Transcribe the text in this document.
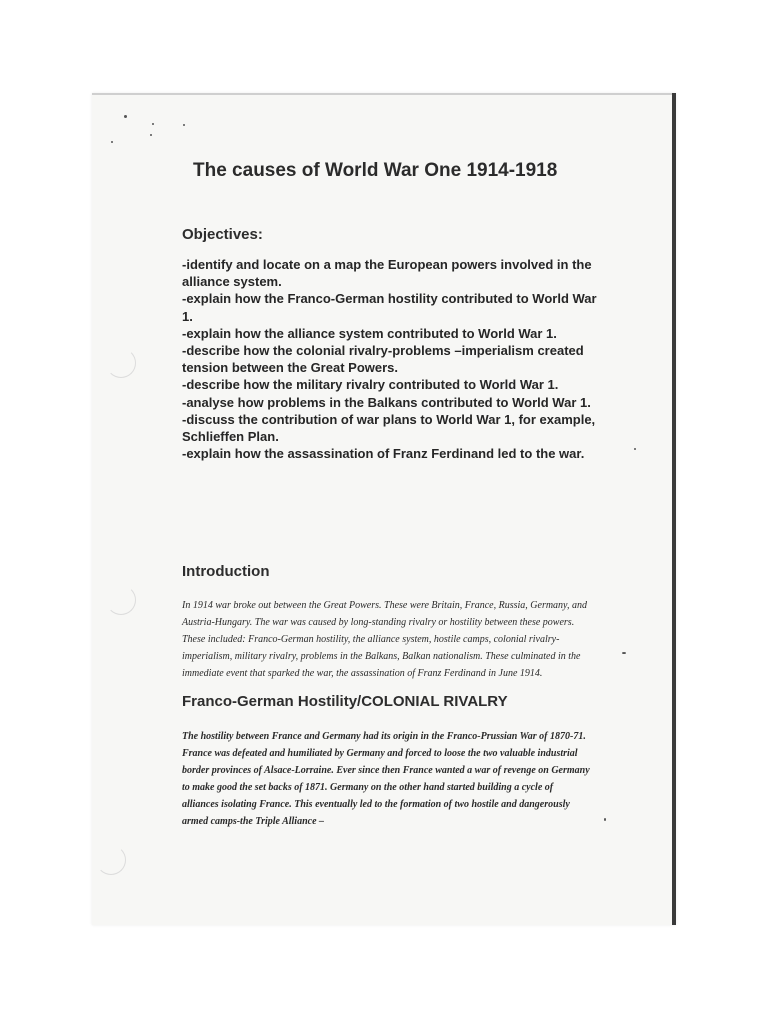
The causes of World War One 1914-1918
Objectives:
-identify and locate on a map the European powers involved in the alliance system.
-explain how the Franco-German hostility contributed to World War 1.
-explain how the alliance system contributed to World War 1.
-describe how the colonial rivalry-problems –imperialism created tension between the Great Powers.
-describe how the military rivalry contributed to World War 1.
-analyse how problems in the Balkans contributed to World War 1.
-discuss the contribution of war plans to World War 1, for example, Schlieffen Plan.
-explain how the assassination of Franz Ferdinand led to the war.
Introduction

In 1914 war broke out between the Great Powers. These were Britain, France, Russia, Germany, and Austria-Hungary. The war was caused by long-standing rivalry or hostility between these powers. These included: Franco-German hostility, the alliance system, hostile camps, colonial rivalry-imperialism, military rivalry, problems in the Balkans, Balkan nationalism. These culminated in the immediate event that sparked the war, the assassination of Franz Ferdinand in June 1914.

Franco-German Hostility/COLONIAL RIVALRY

The hostility between France and Germany had its origin in the Franco-Prussian War of 1870-71. France was defeated and humiliated by Germany and forced to loose the two valuable industrial border provinces of Alsace-Lorraine. Ever since then France wanted a war of revenge on Germany to make good the set backs of 1871. Germany on the other hand started building a cycle of alliances isolating France. This eventually led to the formation of two hostile and dangerously armed camps-the Triple Alliance –
